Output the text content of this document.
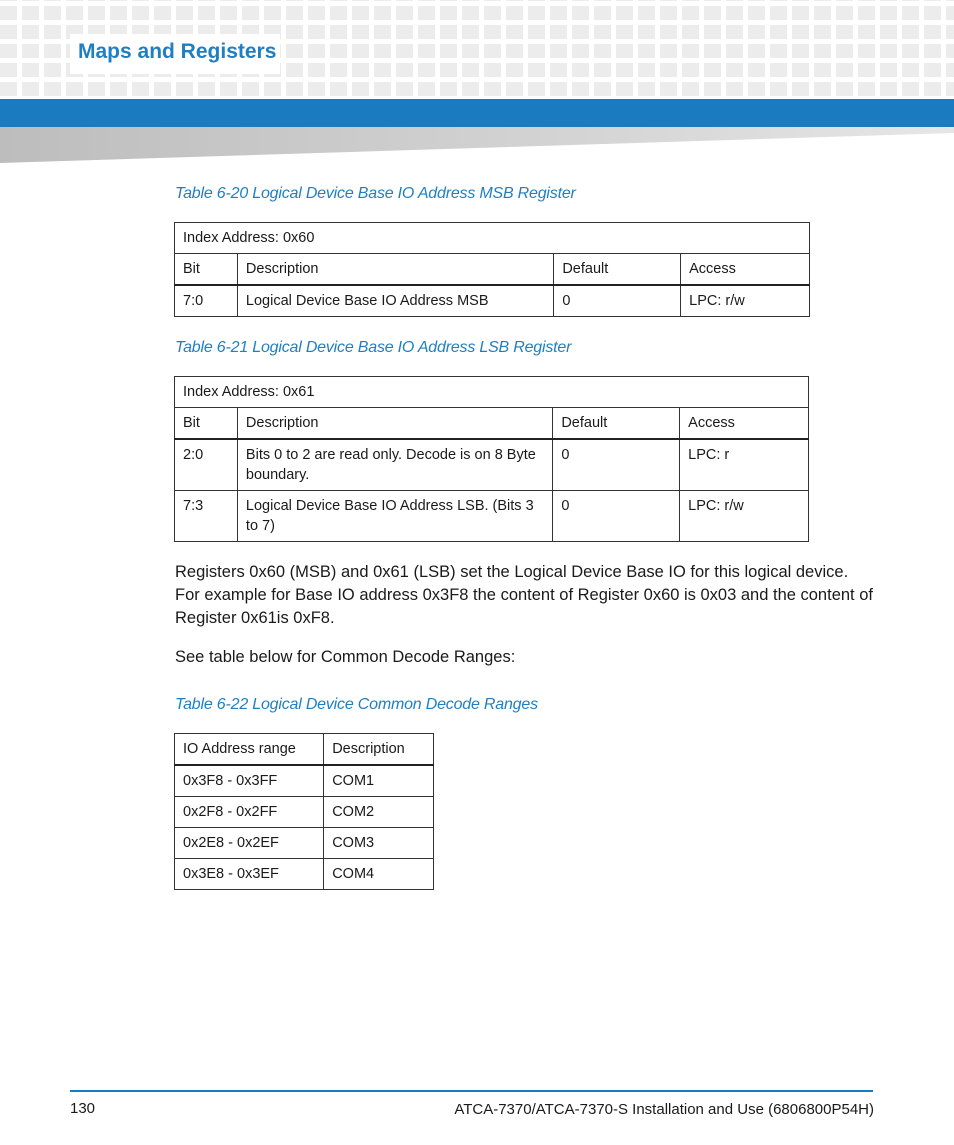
Maps and Registers

Table 6-20 Logical Device Base IO Address MSB Register

Index Address: 0x60			
Bit	Description	Default	Access
7:0	Logical Device Base IO Address MSB	0	LPC: r/w

Table 6-21 Logical Device Base IO Address LSB Register

Index Address: 0x61			
Bit	Description	Default	Access
2:0	Bits 0 to 2 are read only. Decode is on 8 Byte boundary.	0	LPC: r
7:3	Logical Device Base IO Address LSB. (Bits 3 to 7)	0	LPC: r/w

Registers 0x60 (MSB) and 0x61 (LSB) set the Logical Device Base IO for this logical device. For example for Base IO address 0x3F8 the content of Register 0x60 is 0x03 and the content of Register 0x61is 0xF8.

See table below for Common Decode Ranges:

Table 6-22 Logical Device Common Decode Ranges

IO Address range	Description
0x3F8 - 0x3FF	COM1
0x2F8 - 0x2FF	COM2
0x2E8 - 0x2EF	COM3
0x3E8 - 0x3EF	COM4

130	ATCA-7370/ATCA-7370-S Installation and Use (6806800P54H)
